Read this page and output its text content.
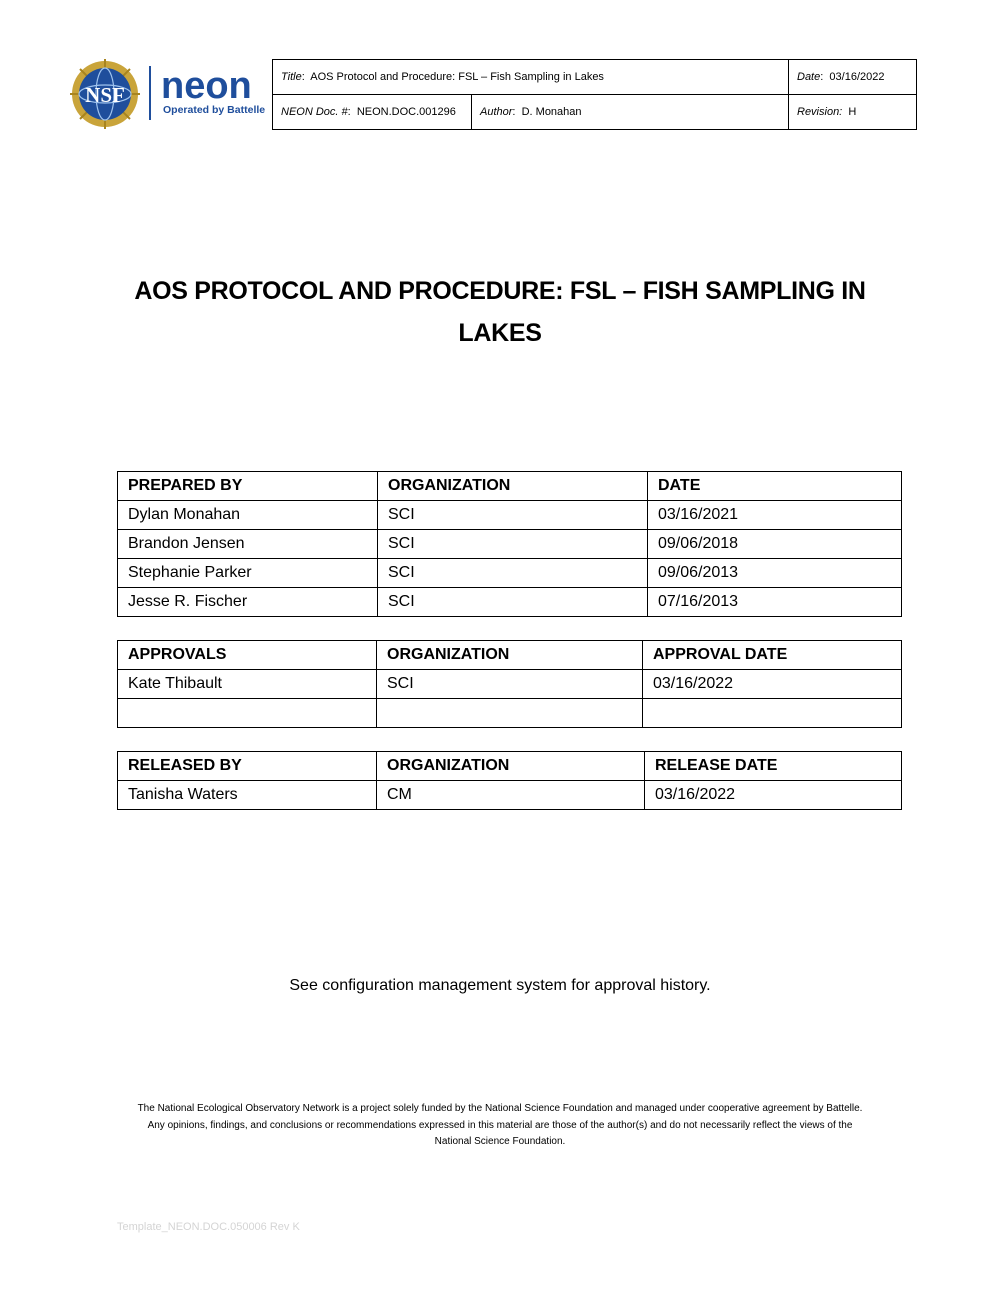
NSF neon
Operated by Battelle
Title:  AOS Protocol and Procedure: FSL – Fish Sampling in Lakes		Date:  03/16/2022
NEON Doc. #:  NEON.DOC.001296	Author:  D. Monahan	Revision: H
AOS PROTOCOL AND PROCEDURE: FSL – FISH SAMPLING IN
LAKES
PREPARED BY	ORGANIZATION	DATE
Dylan Monahan	SCI	03/16/2021
Brandon Jensen	SCI	09/06/2018
Stephanie Parker	SCI	09/06/2013
Jesse R. Fischer	SCI	07/16/2013
APPROVALS	ORGANIZATION	APPROVAL DATE
Kate Thibault	SCI	03/16/2022

RELEASED BY	ORGANIZATION	RELEASE DATE
Tanisha Waters	CM	03/16/2022
See configuration management system for approval history.
The National Ecological Observatory Network is a project solely funded by the National Science Foundation and managed under cooperative agreement by Battelle.
Any opinions, findings, and conclusions or recommendations expressed in this material are those of the author(s) and do not necessarily reflect the views of the
National Science Foundation.
Template_NEON.DOC.050006 Rev K
